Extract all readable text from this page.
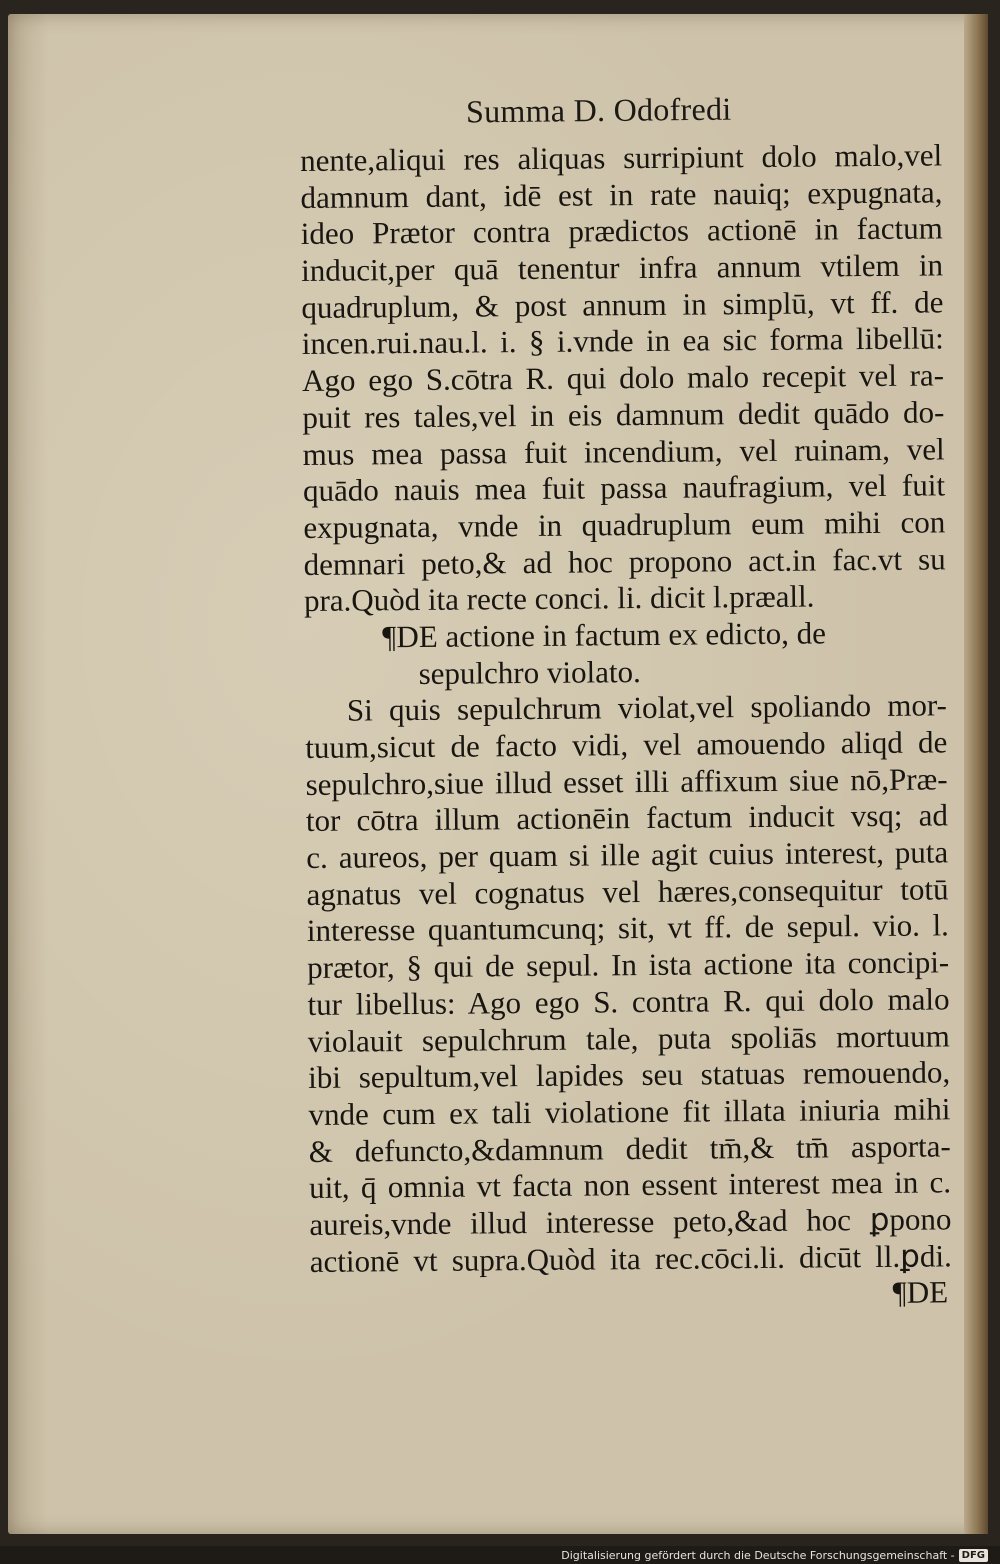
Summa D. Odofredi
nente,aliqui res aliquas surripiunt dolo malo,vel
damnum dant, idē est in rate nauiq; expugnata,
ideo Prætor contra prædictos actionē in factum
inducit,per quā tenentur infra annum vtilem in
quadruplum, & post annum in simplū, vt ff. de
incen.rui.nau.l. i. § i.vnde in ea sic forma libellū:
Ago ego S.cōtra R. qui dolo malo recepit vel ra-
puit res tales,vel in eis damnum dedit quādo do-
mus mea passa fuit incendium, vel ruinam, vel
quādo nauis mea fuit passa naufragium, vel fuit
expugnata, vnde in quadruplum eum mihi con
demnari peto,& ad hoc propono act.in fac.vt su
pra.Quòd ita recte conci. li. dicit l.præall.
¶DE actione in factum ex edicto, de
sepulchro violato.
Si quis sepulchrum violat,vel spoliando mor-
tuum,sicut de facto vidi, vel amouendo aliqd de
sepulchro,siue illud esset illi affixum siue nō,Præ-
tor cōtra illum actionēin factum inducit vsq; ad
c. aureos, per quam si ille agit cuius interest, puta
agnatus vel cognatus vel hæres,consequitur totū
interesse quantumcunq; sit, vt ff. de sepul. vio. l.
prætor, § qui de sepul. In ista actione ita concipi-
tur libellus: Ago ego S. contra R. qui dolo malo
violauit sepulchrum tale, puta spoliās mortuum
ibi sepultum,vel lapides seu statuas remouendo,
vnde cum ex tali violatione fit illata iniuria mihi
& defuncto,&damnum dedit tm̄,& tm̄ asporta-
uit, q̄ omnia vt facta non essent interest mea in c.
aureis,vnde illud interesse peto,&ad hoc ꝑpono
actionē vt supra.Quòd ita rec.cōci.li. dicūt ll.ꝑdi.
¶DE
Digitalisierung gefördert durch die Deutsche Forschungsgemeinschaft - DFG
